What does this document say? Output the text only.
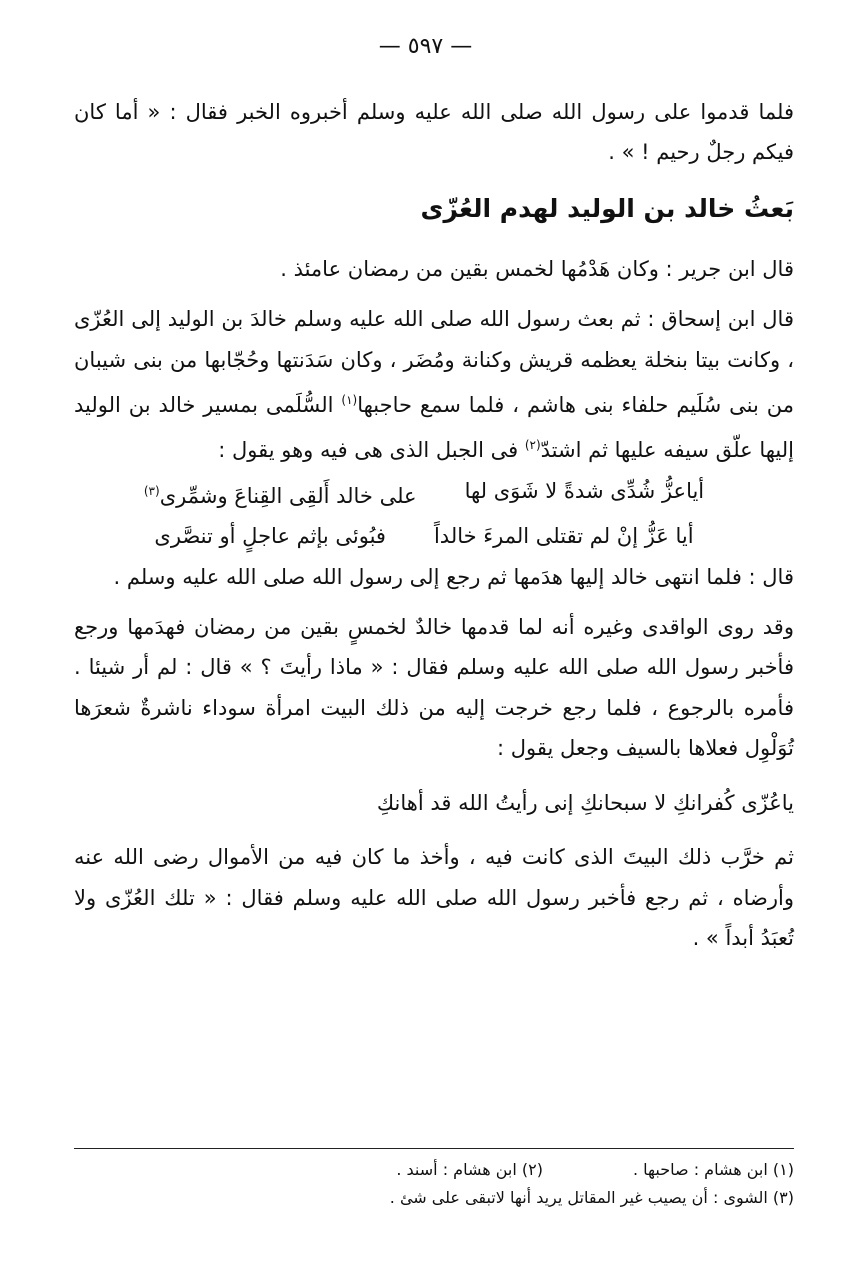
— ٥٩٧ —

فلما قدموا على رسول الله صلى الله عليه وسلم أخبروه الخبر فقال : « أما كان فيكم رجلٌ رحيم ! » .

بَعثُ خالد بن الوليد لهدم العُزّى

قال ابن جرير : وكان هَدْمُها لخمس بقين من رمضان عامئذ .

قال ابن إسحاق : ثم بعث رسول الله صلى الله عليه وسلم خالدَ بن الوليد إلى العُزّى ، وكانت بيتا بنخلة يعظمه قريش وكنانة ومُضَر ، وكان سَدَنتها وحُجّابها من بنى شيبان من بنى سُلَيم حلفاء بنى هاشم ، فلما سمع حاجبها$^{(١)}$ السُّلَمى بمسير خالد بن الوليد إليها علّق سيفه عليها ثم اشتدّ$^{(٢)}$ فى الجبل الذى هى فيه وهو يقول :

أياعزُّ شُدِّى شدةً لا شَوَى لها
على خالد أَلقِى القِناعَ وشمِّرى$^{(٣)}$
أيا عَزُّ إنْ لم تقتلى المرءَ خالداً
فبُوئى بإثم عاجلٍ أو تنصَّرى

قال : فلما انتهى خالد إليها هدَمها ثم رجع إلى رسول الله صلى الله عليه وسلم .

وقد روى الواقدى وغيره أنه لما قدمها خالدٌ لخمسٍ بقين من رمضان فهدَمها ورجع فأخبر رسول الله صلى الله عليه وسلم فقال : « ماذا رأيتَ ؟ » قال : لم أر شيئا . فأمره بالرجوع ، فلما رجع خرجت إليه من ذلك البيت امرأة سوداء ناشرةٌ شعرَها تُوَلْوِل فعلاها بالسيف وجعل يقول :

ياعُزّى كُفرانكِ لا سبحانكِ إنى رأيتُ الله قد أهانكِ

ثم خرَّب ذلك البيتَ الذى كانت فيه ، وأخذ ما كان فيه من الأموال رضى الله عنه وأرضاه ، ثم رجع فأخبر رسول الله صلى الله عليه وسلم فقال : « تلك العُزّى ولا تُعبَدُ أبداً » .

(١) ابن هشام : صاحبها .
(٢) ابن هشام : أسند .
(٣) الشوى : أن يصيب غير المقاتل يريد أنها لاتبقى على شئ .
